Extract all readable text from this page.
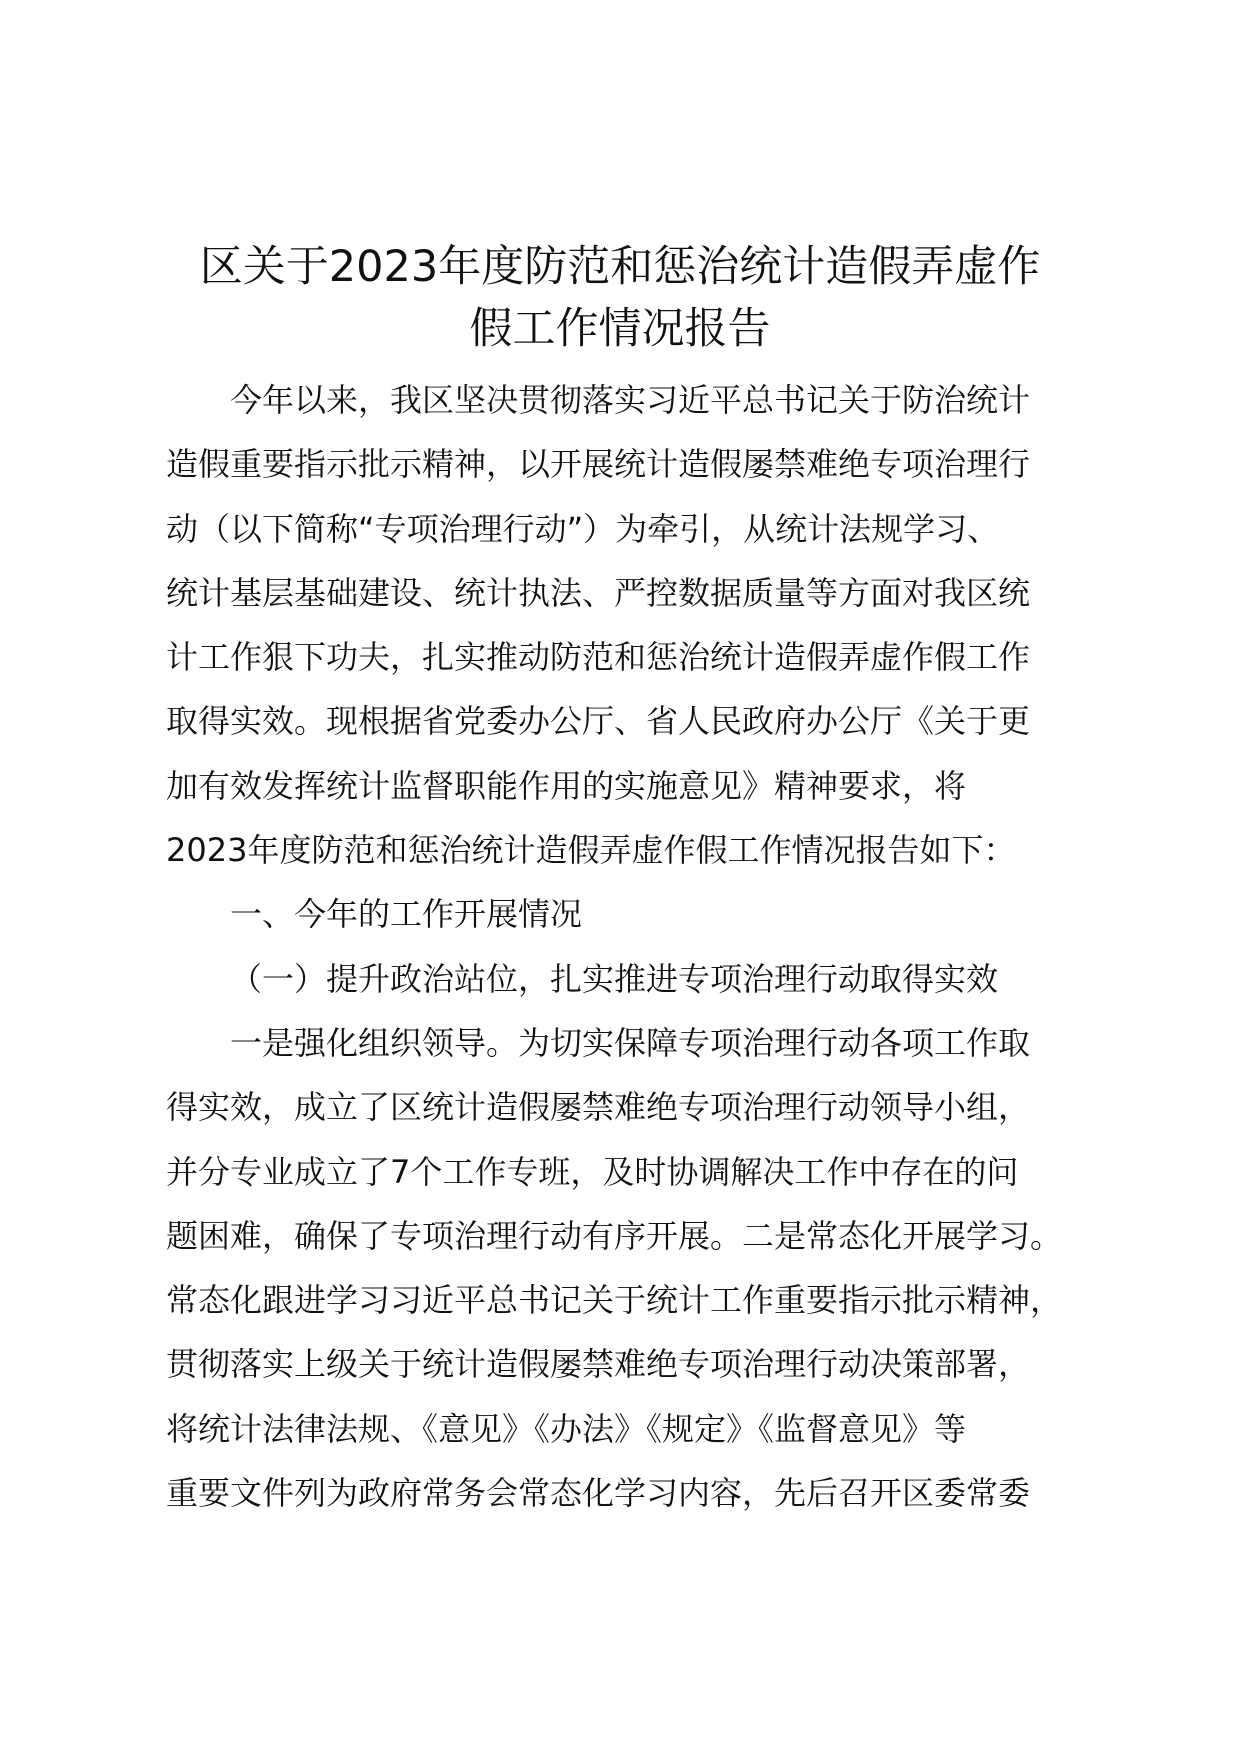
区关于2023年度防范和惩治统计造假弄虚作
假工作情况报告
今年以来，我区坚决贯彻落实习近平总书记关于防治统计
造假重要指示批示精神，以开展统计造假屡禁难绝专项治理行
动（以下简称“专项治理行动”）为牵引，从统计法规学习、
统计基层基础建设、统计执法、严控数据质量等方面对我区统
计工作狠下功夫，扎实推动防范和惩治统计造假弄虚作假工作
取得实效。现根据省党委办公厅、省人民政府办公厅《关于更
加有效发挥统计监督职能作用的实施意见》精神要求，将
2023年度防范和惩治统计造假弄虚作假工作情况报告如下：
一、今年的工作开展情况
（一）提升政治站位，扎实推进专项治理行动取得实效
一是强化组织领导。为切实保障专项治理行动各项工作取
得实效，成立了区统计造假屡禁难绝专项治理行动领导小组，
并分专业成立了7个工作专班，及时协调解决工作中存在的问
题困难，确保了专项治理行动有序开展。二是常态化开展学习。
常态化跟进学习习近平总书记关于统计工作重要指示批示精神，
贯彻落实上级关于统计造假屡禁难绝专项治理行动决策部署，
将统计法律法规、《意见》《办法》《规定》《监督意见》等
重要文件列为政府常务会常态化学习内容，先后召开区委常委
